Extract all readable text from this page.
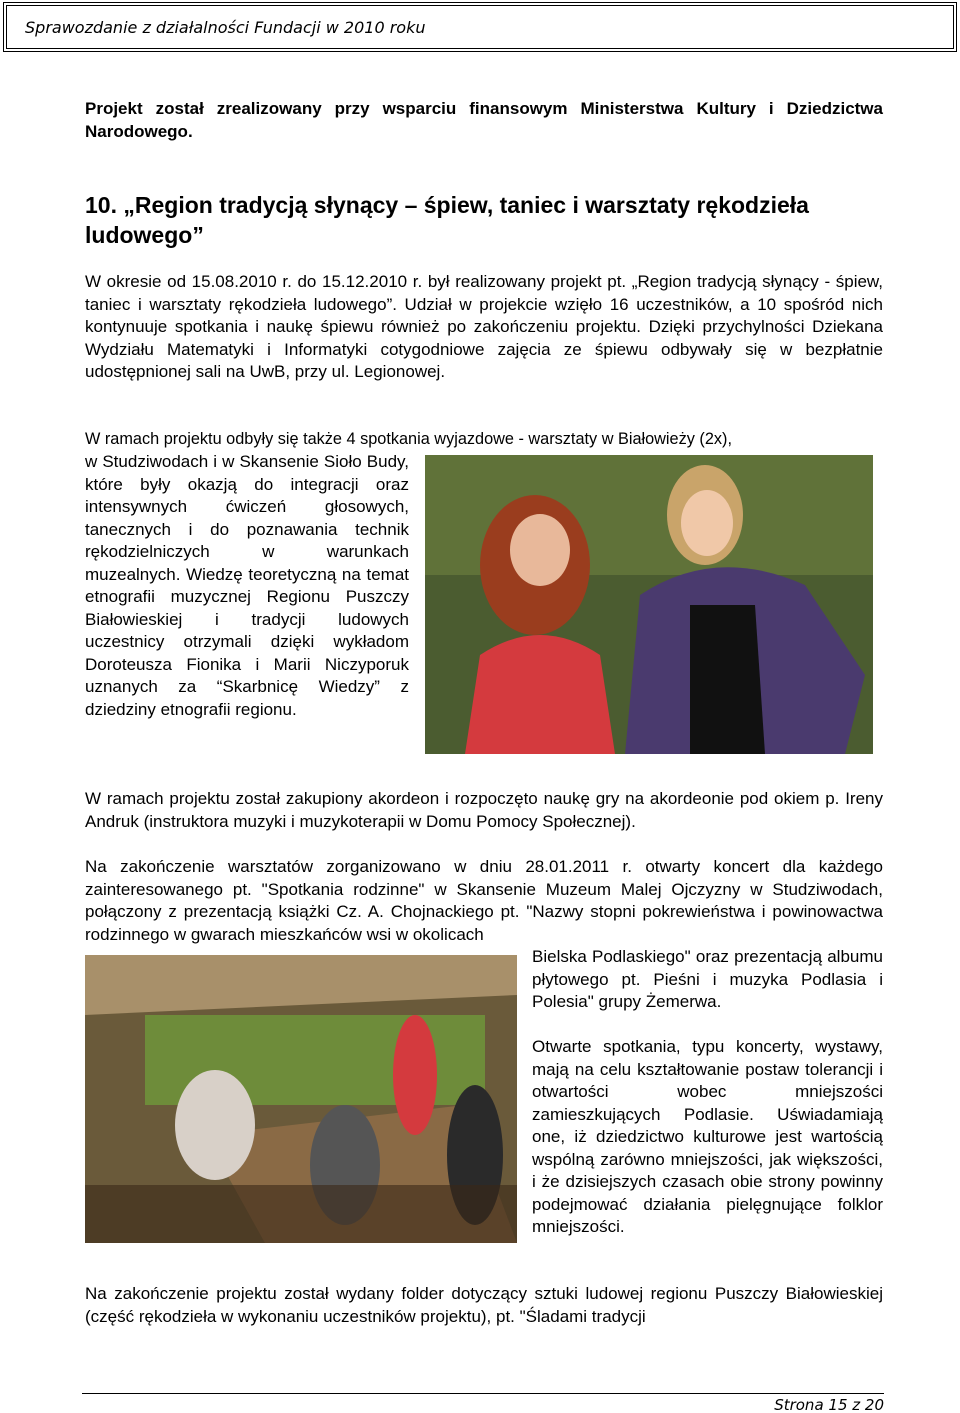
Sprawozdanie z działalności Fundacji w 2010 roku
Projekt został zrealizowany przy wsparciu finansowym Ministerstwa Kultury i Dziedzictwa Narodowego.
10. „Region tradycją słynący – śpiew, taniec i warsztaty rękodzieła ludowego”
W okresie od 15.08.2010 r. do 15.12.2010 r. był realizowany projekt pt. „Region tradycją słynący - śpiew, taniec i warsztaty rękodzieła ludowego”. Udział w projekcie wzięło 16 uczestników, a 10 spośród nich kontynuuje spotkania i naukę śpiewu również po zakończeniu projektu. Dzięki przychylności Dziekana Wydziału Matematyki i Informatyki cotygodniowe zajęcia ze śpiewu odbywały się w bezpłatnie udostępnionej sali na UwB, przy ul. Legionowej.
W ramach projektu odbyły się także 4 spotkania wyjazdowe - warsztaty w Białowieży (2x),
w Studziwodach i w Skansenie Sioło Budy, które były okazją do integracji oraz intensywnych ćwiczeń głosowych, tanecznych i do poznawania technik rękodzielniczych w warunkach muzealnych. Wiedzę teoretyczną na temat etnografii muzycznej Regionu Puszczy Białowieskiej i tradycji ludowych uczestnicy otrzymali dzięki wykładom Doroteusza Fionika i Marii Niczyporuk uznanych za “Skarbnicę Wiedzy” z dziedziny etnografii regionu.
W ramach projektu został zakupiony akordeon i rozpoczęto naukę gry na akordeonie pod okiem p. Ireny Andruk (instruktora muzyki i muzykoterapii w Domu Pomocy Społecznej).
Na zakończenie warsztatów zorganizowano w dniu 28.01.2011 r. otwarty koncert dla każdego zainteresowanego pt. "Spotkania rodzinne" w Skansenie Muzeum Malej Ojczyzny w Studziwodach, połączony z prezentacją książki Cz. A. Chojnackiego pt. "Nazwy stopni pokrewieństwa i powinowactwa rodzinnego w gwarach mieszkańców wsi w okolicach
Bielska Podlaskiego" oraz prezentacją albumu płytowego pt. Pieśni i muzyka Podlasia i Polesia" grupy Żemerwa.
Otwarte spotkania, typu koncerty, wystawy, mają na celu kształtowanie postaw tolerancji i otwartości wobec mniejszości zamieszkujących Podlasie. Uświadamiają one, iż dziedzictwo kulturowe jest wartością wspólną zarówno mniejszości, jak większości, i że dzisiejszych czasach obie strony powinny podejmować działania pielęgnujące folklor mniejszości.
Na zakończenie projektu został wydany folder dotyczący sztuki ludowej regionu Puszczy Białowieskiej (część rękodzieła w wykonaniu uczestników projektu), pt. "Śladami tradycji
Strona 15 z 20
